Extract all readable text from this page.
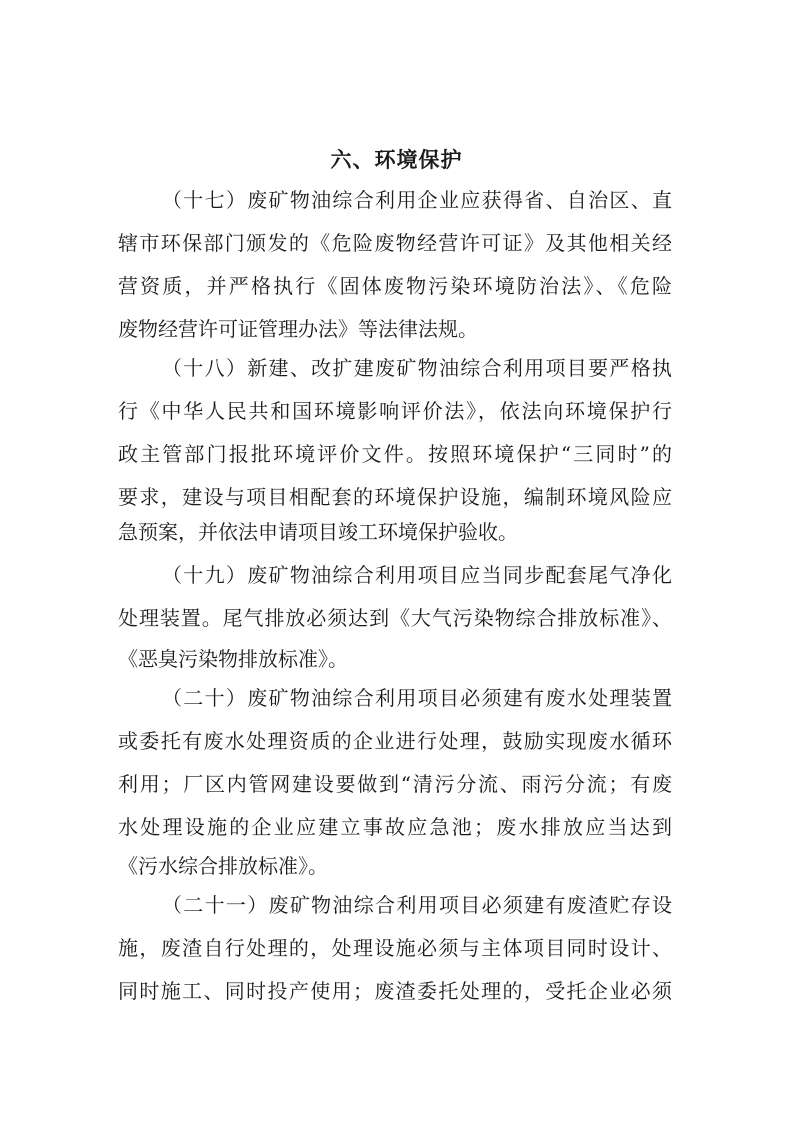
六、环境保护

（十七）废矿物油综合利用企业应获得省、自治区、直

辖市环保部门颁发的《危险废物经营许可证》及其他相关经

营资质，并严格执行《固体废物污染环境防治法》、《危险

废物经营许可证管理办法》等法律法规。

（十八）新建、改扩建废矿物油综合利用项目要严格执

行《中华人民共和国环境影响评价法》，依法向环境保护行

政主管部门报批环境评价文件。按照环境保护“三同时”的

要求，建设与项目相配套的环境保护设施，编制环境风险应

急预案，并依法申请项目竣工环境保护验收。

（十九）废矿物油综合利用项目应当同步配套尾气净化

处理装置。尾气排放必须达到《大气污染物综合排放标准》、

《恶臭污染物排放标准》。

（二十）废矿物油综合利用项目必须建有废水处理装置

或委托有废水处理资质的企业进行处理，鼓励实现废水循环

利用；厂区内管网建设要做到“清污分流、雨污分流；有废

水处理设施的企业应建立事故应急池；废水排放应当达到

《污水综合排放标准》。

（二十一）废矿物油综合利用项目必须建有废渣贮存设

施，废渣自行处理的，处理设施必须与主体项目同时设计、

同时施工、同时投产使用；废渣委托处理的，受托企业必须
